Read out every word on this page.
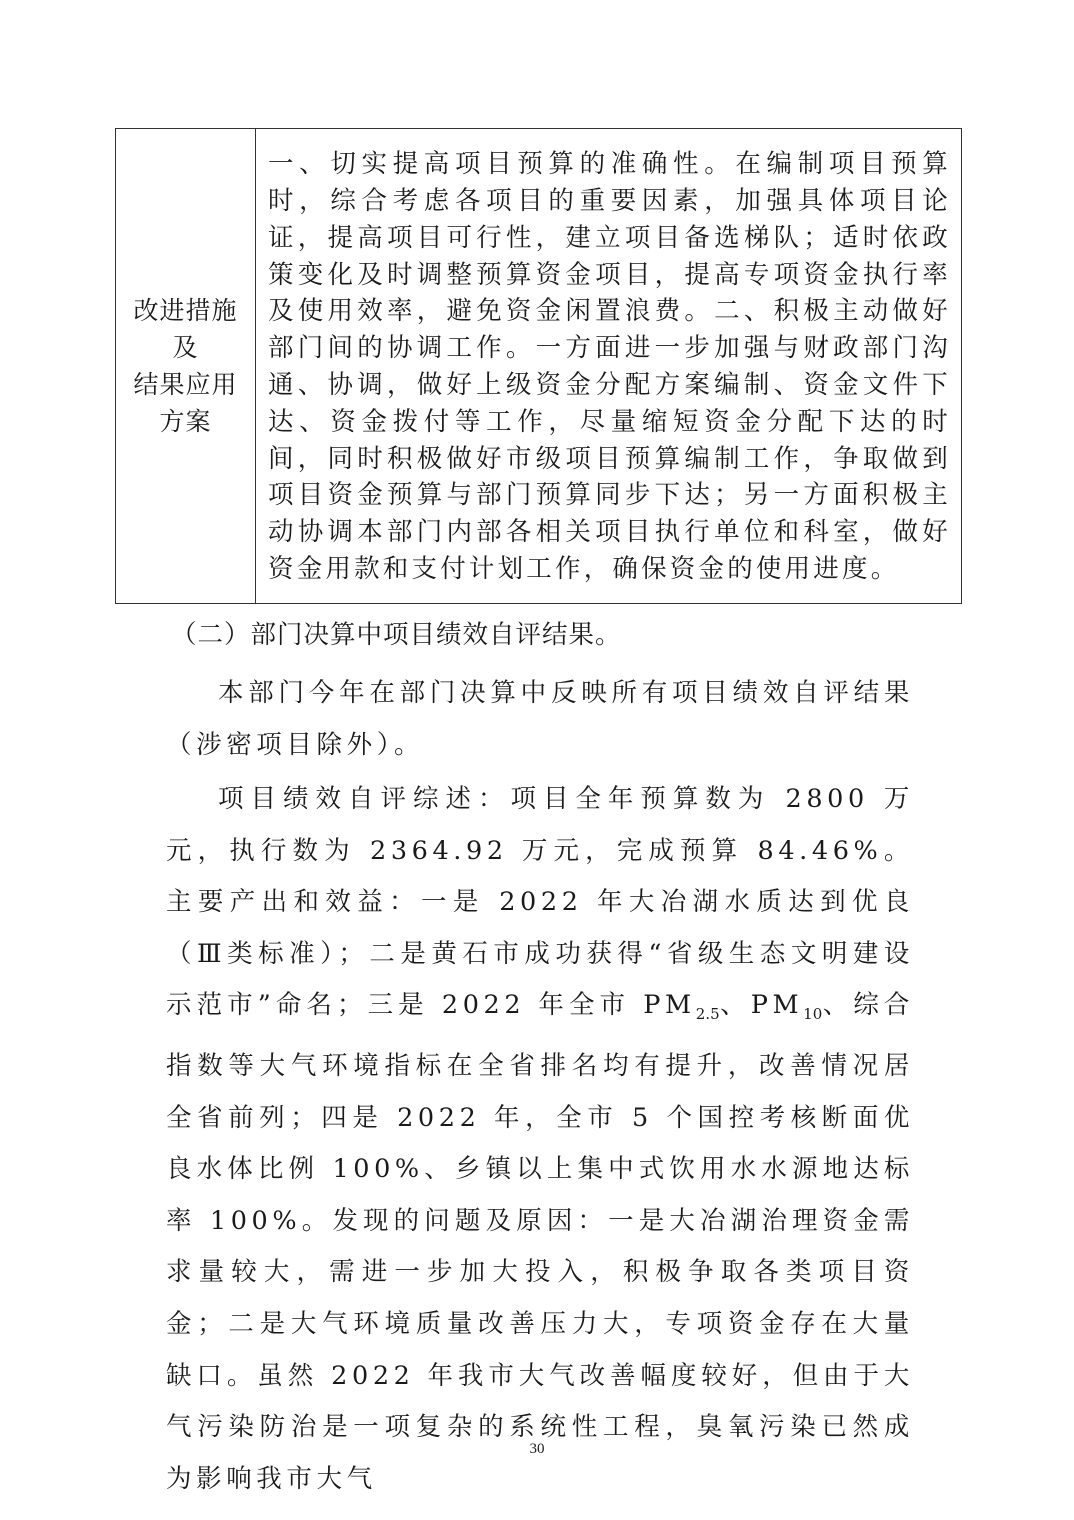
改进措施
及
结果应用
方案
	一、切实提高项目预算的准确性。在编制项目预算时，综合考虑各项目的重要因素，加强具体项目论证，提高项目可行性，建立项目备选梯队；适时依政策变化及时调整预算资金项目，提高专项资金执行率及使用效率，避免资金闲置浪费。二、积极主动做好部门间的协调工作。一方面进一步加强与财政部门沟通、协调，做好上级资金分配方案编制、资金文件下达、资金拨付等工作，尽量缩短资金分配下达的时间，同时积极做好市级项目预算编制工作，争取做到项目资金预算与部门预算同步下达；另一方面积极主动协调本部门内部各相关项目执行单位和科室，做好资金用款和支付计划工作，确保资金的使用进度。

（二）部门决算中项目绩效自评结果。

本部门今年在部门决算中反映所有项目绩效自评结果（涉密项目除外）。

项目绩效自评综述：项目全年预算数为 2800 万元，执行数为 2364.92 万元，完成预算 84.46%。主要产出和效益：一是 2022 年大冶湖水质达到优良（Ⅲ类标准）；二是黄石市成功获得“省级生态文明建设示范市”命名；三是 2022 年全市 $PM_{2.5}$、$PM_{10}$、综合指数等大气环境指标在全省排名均有提升，改善情况居全省前列；四是 2022 年，全市 5 个国控考核断面优良水体比例 100%、乡镇以上集中式饮用水水源地达标率 100%。发现的问题及原因：一是大冶湖治理资金需求量较大，需进一步加大投入，积极争取各类项目资金；二是大气环境质量改善压力大，专项资金存在大量缺口。虽然 2022 年我市大气改善幅度较好，但由于大气污染防治是一项复杂的系统性工程，臭氧污染已然成为影响我市大气

30
